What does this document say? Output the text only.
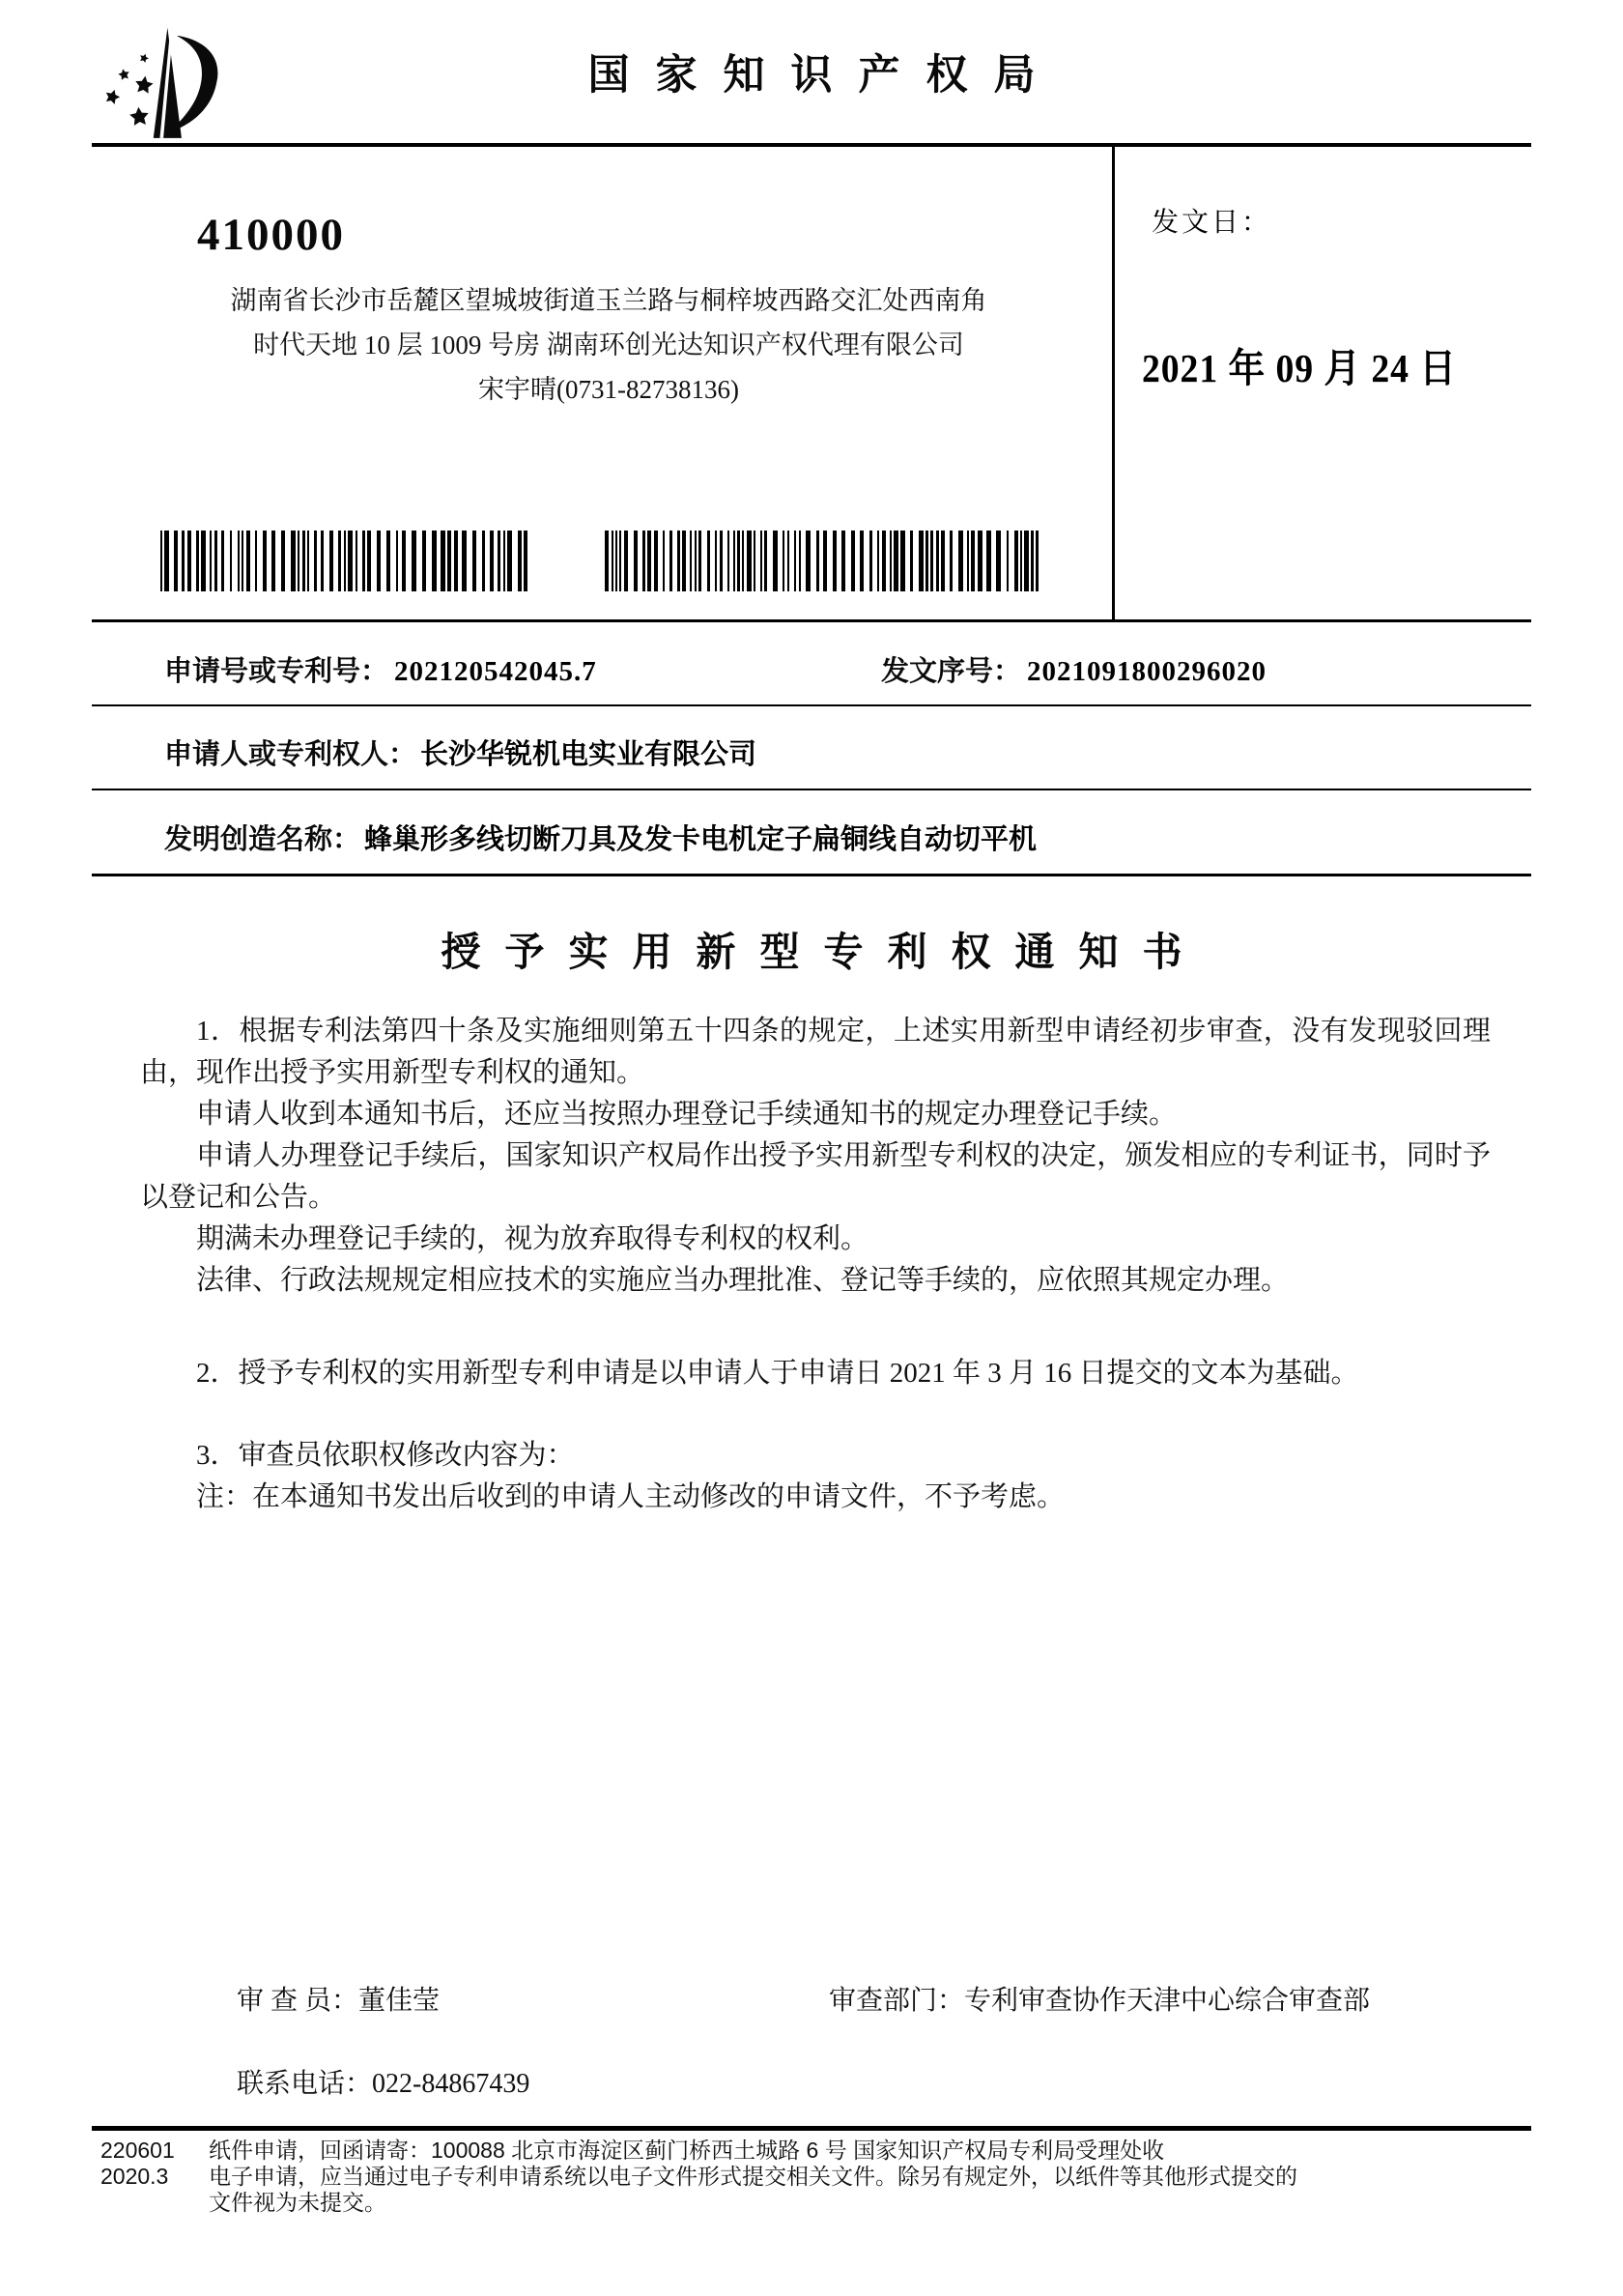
国家知识产权局
410000
湖南省长沙市岳麓区望城坡街道玉兰路与桐梓坡西路交汇处西南角
时代天地 10 层 1009 号房 湖南环创光达知识产权代理有限公司
宋宇晴(0731-82738136)
发文日：
2021 年 09 月 24 日
申请号或专利号： 202120542045.7	发文序号： 2021091800296020
申请人或专利权人： 长沙华锐机电实业有限公司
发明创造名称： 蜂巢形多线切断刀具及发卡电机定子扁铜线自动切平机
授予实用新型专利权通知书

1．根据专利法第四十条及实施细则第五十四条的规定，上述实用新型申请经初步审查，没有发现驳回理由，现作出授予实用新型专利权的通知。

申请人收到本通知书后，还应当按照办理登记手续通知书的规定办理登记手续。

申请人办理登记手续后，国家知识产权局作出授予实用新型专利权的决定，颁发相应的专利证书，同时予以登记和公告。

期满未办理登记手续的，视为放弃取得专利权的权利。

法律、行政法规规定相应技术的实施应当办理批准、登记等手续的，应依照其规定办理。

2．授予专利权的实用新型专利申请是以申请人于申请日 2021 年 3 月 16 日提交的文本为基础。

3．审查员依职权修改内容为：

注：在本通知书发出后收到的申请人主动修改的申请文件，不予考虑。

审 查 员：董佳莹	审查部门：专利审查协作天津中心综合审查部
联系电话：022-84867439
220601
2020.3
纸件申请，回函请寄：100088 北京市海淀区蓟门桥西土城路 6 号 国家知识产权局专利局受理处收
电子申请，应当通过电子专利申请系统以电子文件形式提交相关文件。除另有规定外，以纸件等其他形式提交的
文件视为未提交。
